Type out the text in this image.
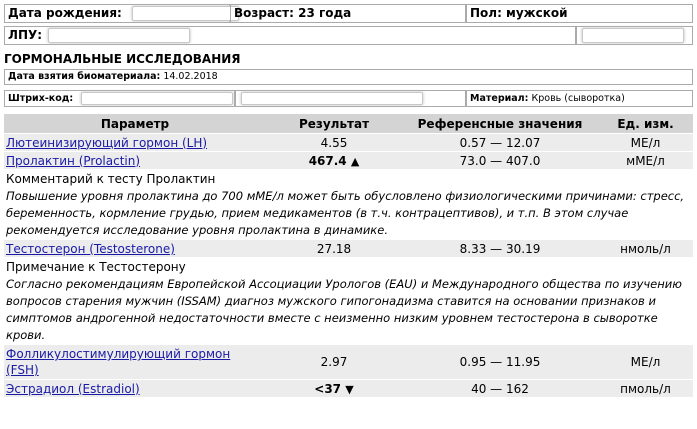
Дата рождения:	Возраст: 23 года	Пол: мужской
ЛПУ:
ГОРМОНАЛЬНЫЕ ИССЛЕДОВАНИЯ
Дата взятия биоматериала: 14.02.2018
Штрих-код:	Материал: Кровь (сыворотка)
Параметр	Результат	Референсные значения	Ед. изм.
Лютеинизирующий гормон (LH)	4.55	0.57 — 12.07	МЕ/л
Пролактин (Prolactin)	467.4 ▲	73.0 — 407.0	мМЕ/л

Комментарий к тесту Пролактин			

Повышение уровня пролактина до 700 мМЕ/л может быть обусловлено физиологическими причинами: стресс, беременность, кормление грудью, прием медикаментов (в т.ч. контрацептивов), и т.п. В этом случае рекомендуется исследование уровня пролактина в динамике.			

Тестостерон (Testosterone)	27.18	8.33 — 30.19	нмоль/л

Примечание к Тестостерону			

Согласно рекомендациям Европейской Ассоциации Урологов (EAU) и Международного общества по изучению вопросов старения мужчин (ISSAM) диагноз мужского гипогонадизма ставится на основании признаков и симптомов андрогенной недостаточности вместе с неизменно низким уровнем тестостерона в сыворотке крови.			

Фолликулостимулирующий гормон (FSH)	2.97	0.95 — 11.95	МЕ/л
Эстрадиол (Estradiol)	<37 ▼	40 — 162	пмоль/л
